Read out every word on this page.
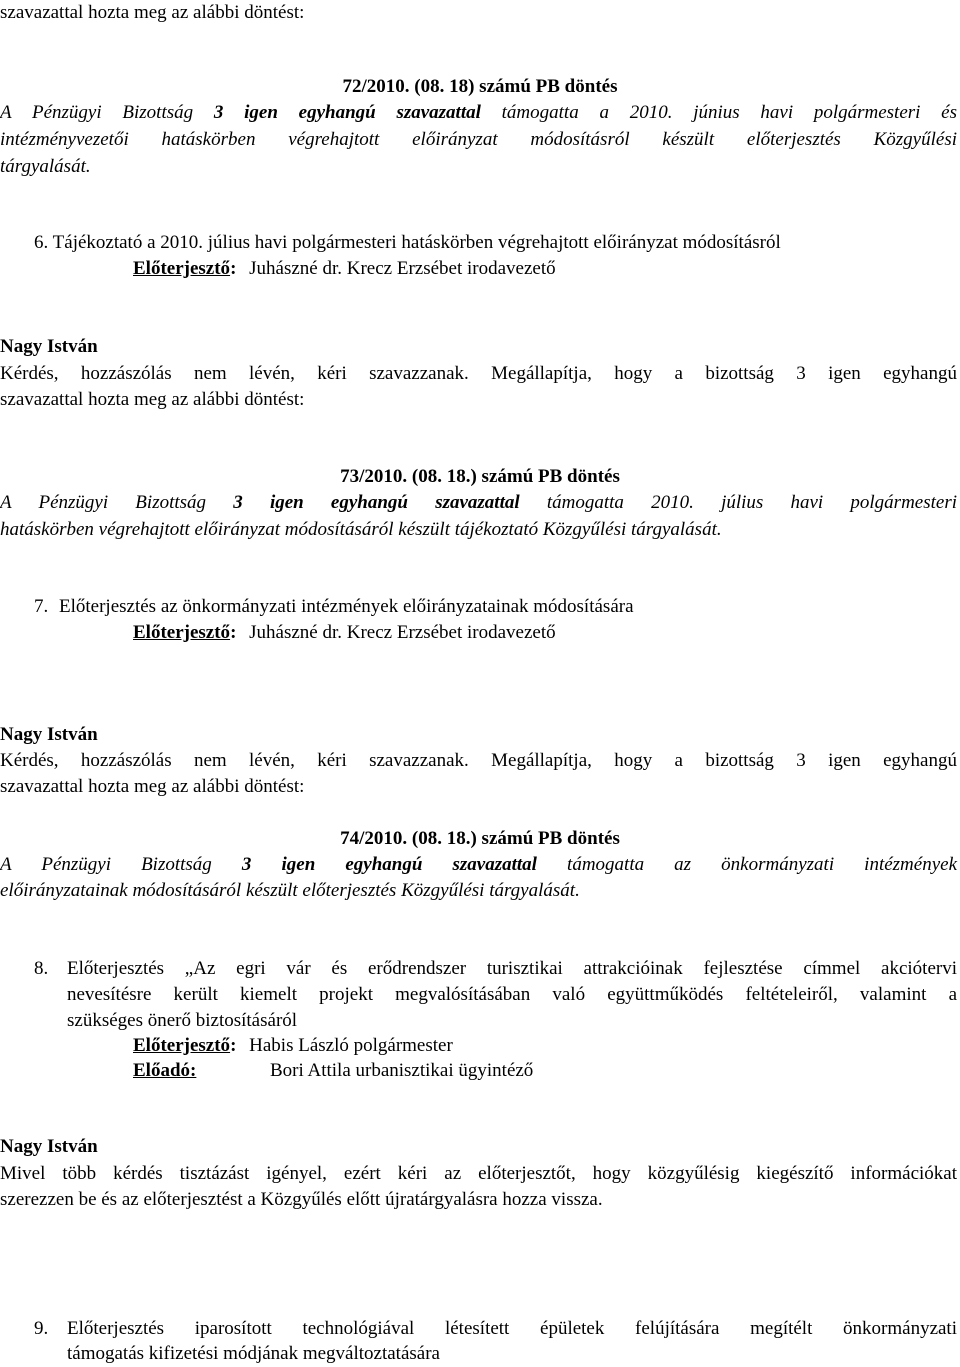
szavazattal hozta meg az alábbi döntést:
72/2010. (08. 18) számú PB döntés
A Pénzügyi Bizottság 3 igen egyhangú szavazattal támogatta a 2010. június havi polgármesteri és
intézményvezetői hatáskörben végrehajtott előirányzat módosításról készült előterjesztés Közgyűlési
tárgyalását.
6. Tájékoztató a 2010. július havi polgármesteri hatáskörben végrehajtott előirányzat módosításról
Előterjesztő: Juhászné dr. Krecz Erzsébet irodavezető
Nagy István
Kérdés, hozzászólás nem lévén, kéri szavazzanak. Megállapítja, hogy a bizottság 3 igen egyhangú
szavazattal hozta meg az alábbi döntést:
73/2010. (08. 18.) számú PB döntés
A Pénzügyi Bizottság 3 igen egyhangú szavazattal támogatta 2010. július havi polgármesteri
hatáskörben végrehajtott előirányzat módosításáról készült tájékoztató Közgyűlési tárgyalását.
7. Előterjesztés az önkormányzati intézmények előirányzatainak módosítására
Előterjesztő: Juhászné dr. Krecz Erzsébet irodavezető
Nagy István
Kérdés, hozzászólás nem lévén, kéri szavazzanak. Megállapítja, hogy a bizottság 3 igen egyhangú
szavazattal hozta meg az alábbi döntést:
74/2010. (08. 18.) számú PB döntés
A Pénzügyi Bizottság 3 igen egyhangú szavazattal támogatta az önkormányzati intézmények
előirányzatainak módosításáról készült előterjesztés Közgyűlési tárgyalását.
8. Előterjesztés „Az egri vár és erődrendszer turisztikai attrakcióinak fejlesztése címmel akciótervi
nevesítésre került kiemelt projekt megvalósításában való együttműködés feltételeiről, valamint a
szükséges önerő biztosításáról
Előterjesztő: Habis László polgármester
Előadó:	Bori Attila urbanisztikai ügyintéző
Nagy István
Mivel több kérdés tisztázást igényel, ezért kéri az előterjesztőt, hogy közgyűlésig kiegészítő információkat
szerezzen be és az előterjesztést a Közgyűlés előtt újratárgyalásra hozza vissza.
9. Előterjesztés iparosított technológiával létesített épületek felújítására megítélt önkormányzati
támogatás kifizetési módjának megváltoztatására
